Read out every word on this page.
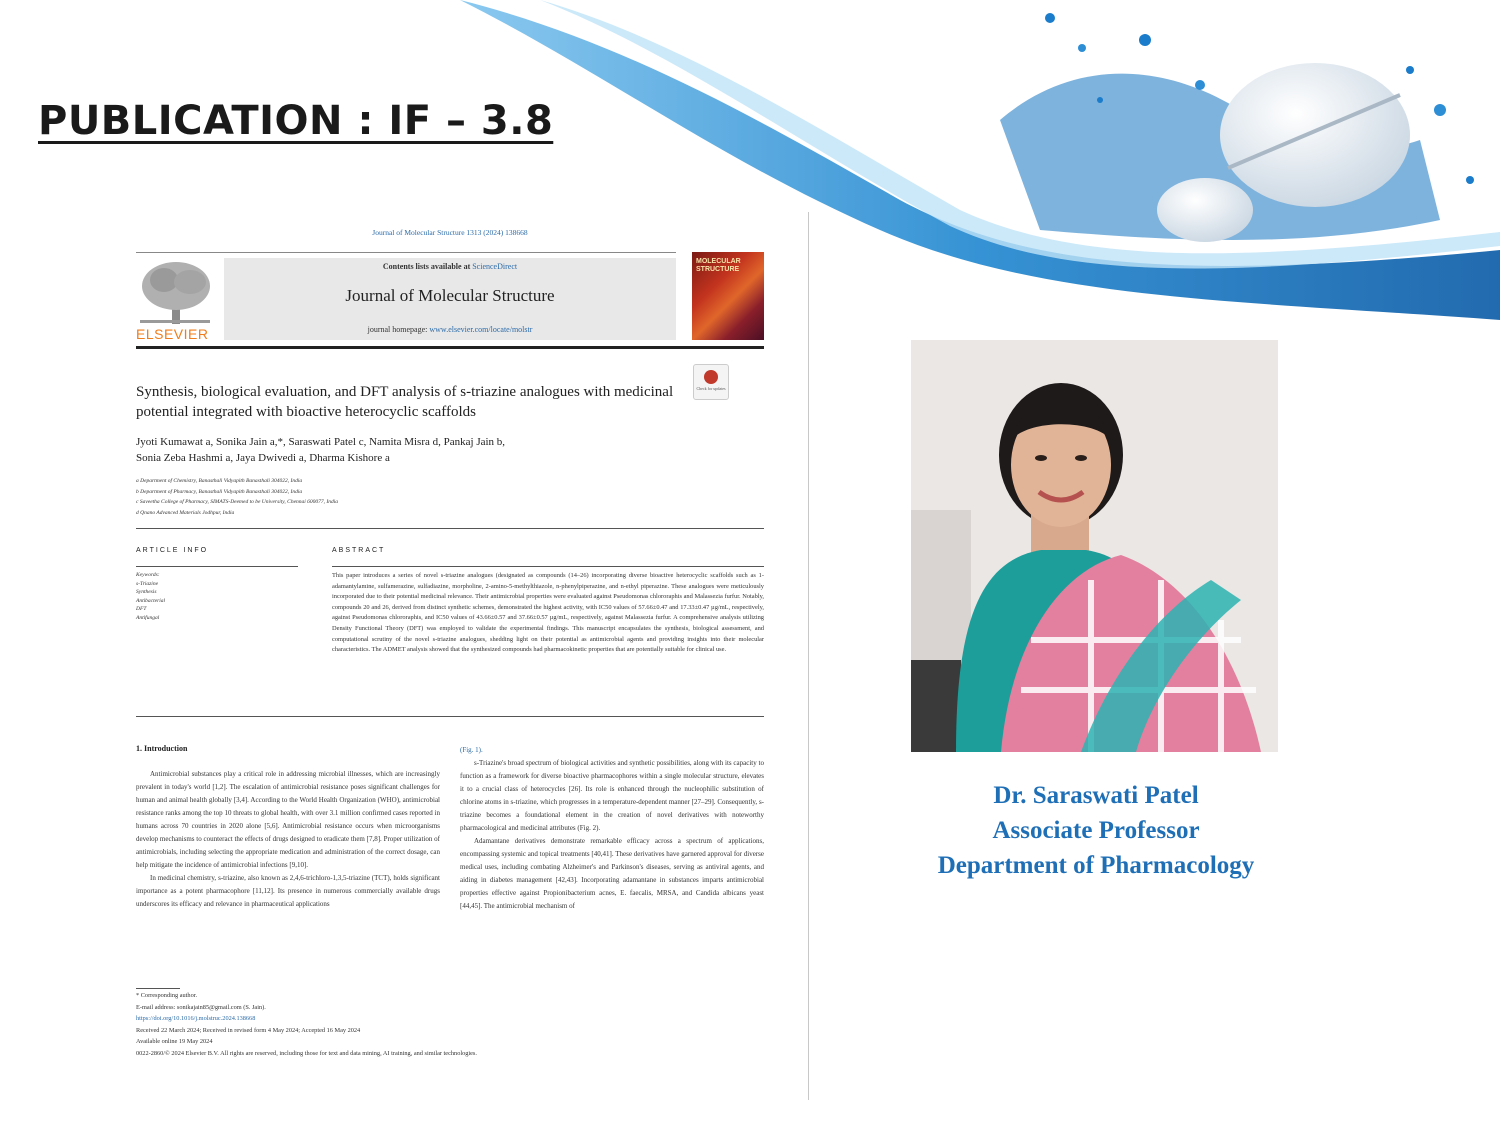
PUBLICATION : IF – 3.8
Journal of Molecular Structure 1313 (2024) 138668
ELSEVIER
Contents lists available at ScienceDirect
Journal of Molecular Structure
journal homepage: www.elsevier.com/locate/molstr
MOLECULAR STRUCTURE
Check for updates
Synthesis, biological evaluation, and DFT analysis of s-triazine analogues with medicinal potential integrated with bioactive heterocyclic scaffolds
Jyoti Kumawat a, Sonika Jain a,*, Saraswati Patel c, Namita Misra d, Pankaj Jain b,
Sonia Zeba Hashmi a, Jaya Dwivedi a, Dharma Kishore a
a Department of Chemistry, Banasthali Vidyapith Banasthali 304022, India
b Department of Pharmacy, Banasthali Vidyapith Banasthali 304022, India
c Saveetha College of Pharmacy, SIMATS-Deemed to be University, Chennai 600077, India
d Qnano Advanced Materials Jodhpur, India
ARTICLE INFO	ABSTRACT
Keywords:
s-Triazine
Synthesis
Antibacterial
DFT
Antifungal
This paper introduces a series of novel s-triazine analogues (designated as compounds (14–26) incorporating diverse bioactive heterocyclic scaffolds such as 1-adamantylamine, sulfamerazine, sulfadiazine, morpholine, 2-amino-5-methylthiazole, n-phenylpiperazine, and n-ethyl piperazine. These analogues were meticulously incorporated due to their potential medicinal relevance. Their antimicrobial properties were evaluated against Pseudomonas chlororaphis and Malassezia furfur. Notably, compounds 20 and 26, derived from distinct synthetic schemes, demonstrated the highest activity, with IC50 values of 57.66±0.47 and 17.33±0.47 µg/mL, respectively, against Pseudomonas chlororaphis, and IC50 values of 43.66±0.57 and 37.66±0.57 µg/mL, respectively, against Malassezia furfur. A comprehensive analysis utilizing Density Functional Theory (DFT) was employed to validate the experimental findings. This manuscript encapsulates the synthesis, biological assessment, and computational scrutiny of the novel s-triazine analogues, shedding light on their potential as antimicrobial agents and providing insights into their molecular characteristics. The ADMET analysis showed that the synthesized compounds had pharmacokinetic properties that are potentially suitable for clinical use.
1. Introduction

Antimicrobial substances play a critical role in addressing microbial illnesses, which are increasingly prevalent in today's world [1,2]. The escalation of antimicrobial resistance poses significant challenges for human and animal health globally [3,4]. According to the World Health Organization (WHO), antimicrobial resistance ranks among the top 10 threats to global health, with over 3.1 million confirmed cases reported in humans across 70 countries in 2020 alone [5,6]. Antimicrobial resistance occurs when microorganisms develop mechanisms to counteract the effects of drugs designed to eradicate them [7,8]. Proper utilization of antimicrobials, including selecting the appropriate medication and administration of the correct dosage, can help mitigate the incidence of antimicrobial infections [9,10].

In medicinal chemistry, s-triazine, also known as 2,4,6-trichloro-1,3,5-triazine (TCT), holds significant importance as a potent pharmacophore [11,12]. Its presence in numerous commercially available drugs underscores its efficacy and relevance in pharmaceutical applications

(Fig. 1).

s-Triazine's broad spectrum of biological activities and synthetic possibilities, along with its capacity to function as a framework for diverse bioactive pharmacophores within a single molecular structure, elevates it to a crucial class of heterocycles [26]. Its role is enhanced through the nucleophilic substitution of chlorine atoms in s-triazine, which progresses in a temperature-dependent manner [27–29]. Consequently, s-triazine becomes a foundational element in the creation of novel derivatives with noteworthy pharmacological and medicinal attributes (Fig. 2).

Adamantane derivatives demonstrate remarkable efficacy across a spectrum of applications, encompassing systemic and topical treatments [40,41]. These derivatives have garnered approval for diverse medical uses, including combating Alzheimer's and Parkinson's diseases, serving as antiviral agents, and aiding in diabetes management [42,43]. Incorporating adamantane in substances imparts antimicrobial properties effective against Propionibacterium acnes, E. faecalis, MRSA, and Candida albicans yeast [44,45]. The antimicrobial mechanism of

* Corresponding author.
E-mail address: sonikajain85@gmail.com (S. Jain).
https://doi.org/10.1016/j.molstruc.2024.138668
Received 22 March 2024; Received in revised form 4 May 2024; Accepted 16 May 2024
Available online 19 May 2024
0022-2860/© 2024 Elsevier B.V. All rights are reserved, including those for text and data mining, AI training, and similar technologies.
Dr. Saraswati Patel
Associate Professor
Department of Pharmacology
